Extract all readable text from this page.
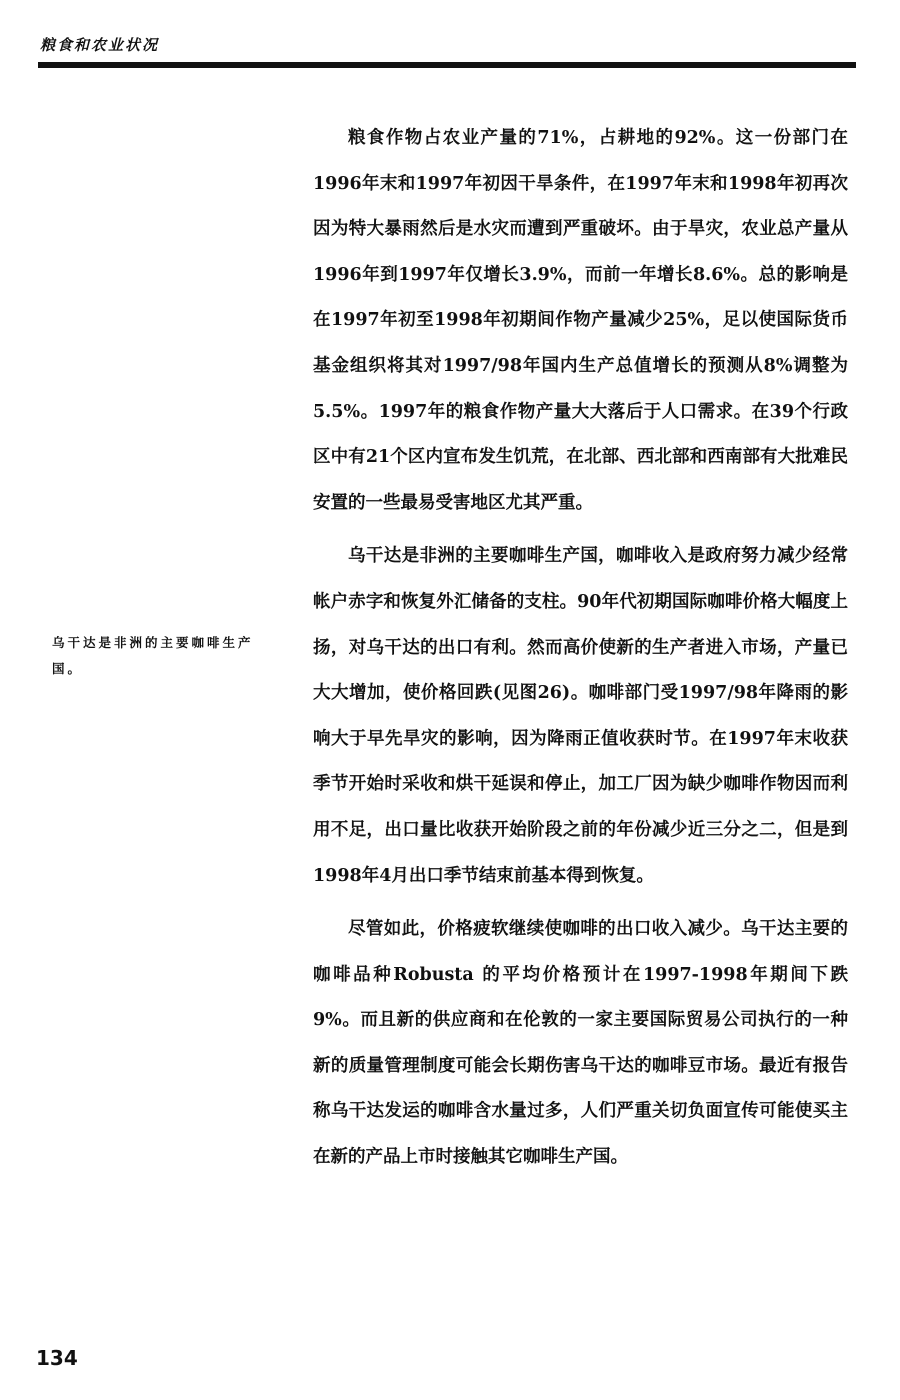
粮食和农业状况

粮食作物占农业产量的71%，占耕地的92%。这一份部门在1996年末和1997年初因干旱条件，在1997年末和1998年初再次因为特大暴雨然后是水灾而遭到严重破坏。由于旱灾，农业总产量从1996年到1997年仅增长3.9%，而前一年增长8.6%。总的影响是在1997年初至1998年初期间作物产量减少25%，足以使国际货币基金组织将其对1997/98年国内生产总值增长的预测从8%调整为5.5%。1997年的粮食作物产量大大落后于人口需求。在39个行政区中有21个区内宣布发生饥荒，在北部、西北部和西南部有大批难民安置的一些最易受害地区尤其严重。

乌干达是非洲的主要咖啡生产国，咖啡收入是政府努力减少经常帐户赤字和恢复外汇储备的支柱。90年代初期国际咖啡价格大幅度上扬，对乌干达的出口有利。然而高价使新的生产者进入市场，产量已大大增加，使价格回跌(见图26)。咖啡部门受1997/98年降雨的影响大于早先旱灾的影响，因为降雨正值收获时节。在1997年末收获季节开始时采收和烘干延误和停止，加工厂因为缺少咖啡作物因而利用不足，出口量比收获开始阶段之前的年份减少近三分之二，但是到1998年4月出口季节结束前基本得到恢复。

尽管如此，价格疲软继续使咖啡的出口收入减少。乌干达主要的咖啡品种Robusta 的平均价格预计在1997-1998年期间下跌9%。而且新的供应商和在伦敦的一家主要国际贸易公司执行的一种新的质量管理制度可能会长期伤害乌干达的咖啡豆市场。最近有报告称乌干达发运的咖啡含水量过多，人们严重关切负面宣传可能使买主在新的产品上市时接触其它咖啡生产国。

乌干达是非洲的主要咖啡生产国。
134
